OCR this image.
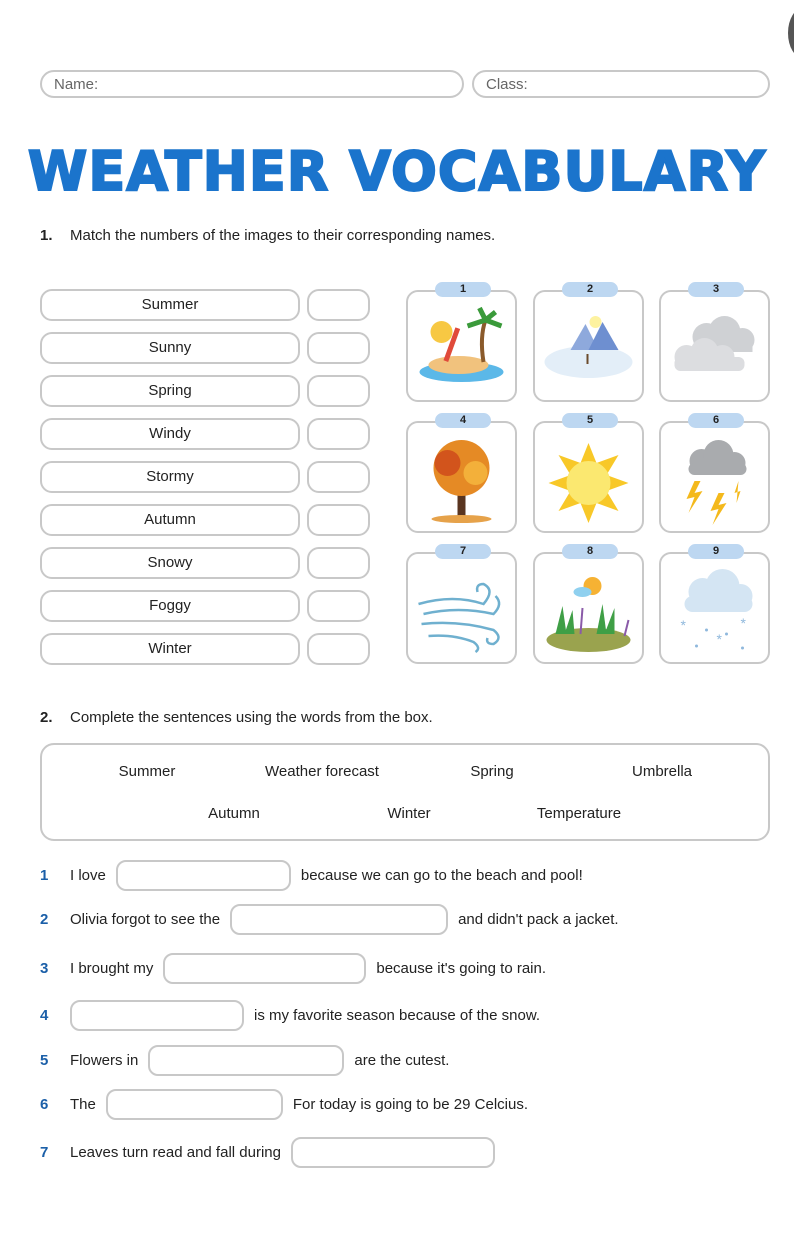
Name:	Class:
WEATHER VOCABULARY
1. Match the numbers of the images to their corresponding names.
Summer
Sunny
Spring
Windy
Stormy
Autumn
Snowy
Foggy
Winter
1	2	3
4	5	6
7	8	9
*	*
*
2. Complete the sentences using the words from the box.
Summer	Weather forecast	Spring	Umbrella
Autumn	Winter	Temperature
1	I love	because we can go to the beach and pool!
2	Olivia forgot to see the	and didn't pack a jacket.
3	I brought my	because it's going to rain.
4	is my favorite season because of the snow.
5	Flowers in	are the cutest.
6	The	For today is going to be 29 Celcius.
7	Leaves turn read and fall during
